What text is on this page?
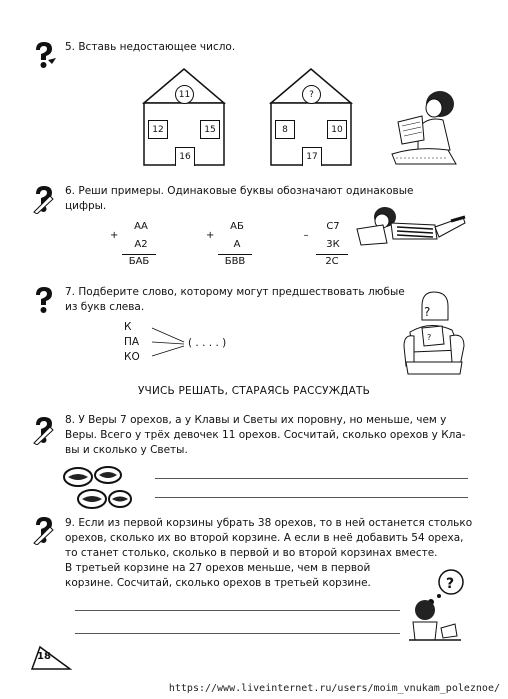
5. Вставь недостающее число.
11
12	15
16
?
8	10
17
6. Реши примеры. Одинаковые буквы обозначают одинаковые
цифры.
АА
+
А2
БАБ
АБ
+
А
БВВ
С7
–
3К
2С
7. Подберите слово, которому могут предшествовать любые
из букв слева.
К
ПА
КО
( . . . . )
?
?
УЧИСЬ РЕШАТЬ, СТАРАЯСЬ РАССУЖДАТЬ
8. У Веры 7 орехов, а у Клавы и Светы их поровну, но меньше, чем у
Веры. Всего у трёх девочек 11 орехов. Сосчитай, сколько орехов у Кла-
вы и сколько у Светы.
9. Если из первой корзины убрать 38 орехов, то в ней останется столько
орехов, сколько их во второй корзине. А если в неё добавить 54 ореха,
то станет столько, сколько в первой и во второй корзинах вместе.
В третьей корзине на 27 орехов меньше, чем в первой
корзине. Сосчитай, сколько орехов в третьей корзине.	?
18
https://www.liveinternet.ru/users/moim_vnukam_poleznoe/
